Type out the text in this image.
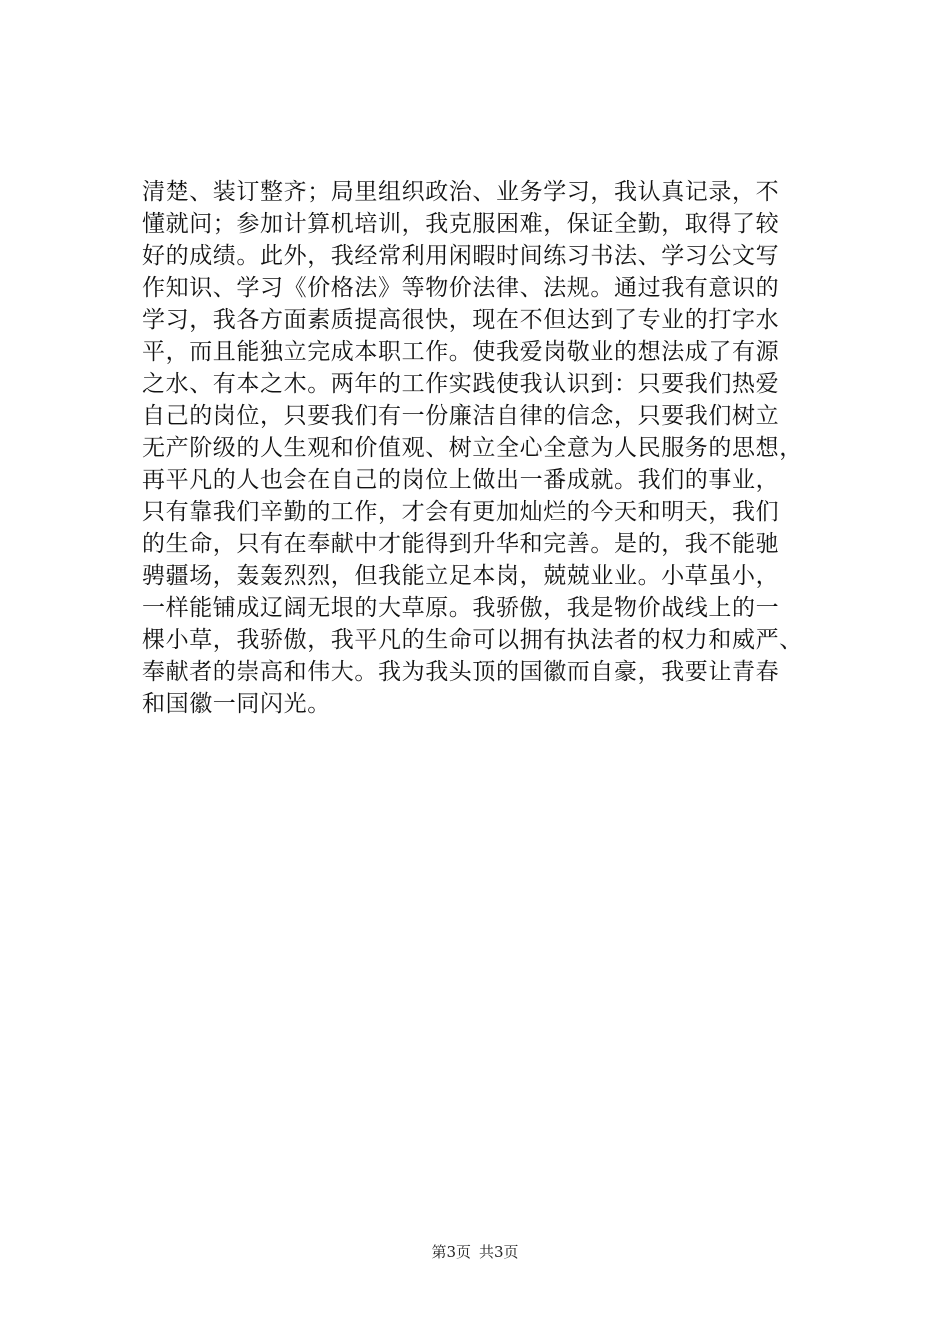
清楚、装订整齐；局里组织政治、业务学习，我认真记录，不
懂就问；参加计算机培训，我克服困难，保证全勤，取得了较
好的成绩。此外，我经常利用闲暇时间练习书法、学习公文写
作知识、学习《价格法》等物价法律、法规。通过我有意识的
学习，我各方面素质提高很快，现在不但达到了专业的打字水
平，而且能独立完成本职工作。使我爱岗敬业的想法成了有源
之水、有本之木。两年的工作实践使我认识到：只要我们热爱
自己的岗位，只要我们有一份廉洁自律的信念，只要我们树立
无产阶级的人生观和价值观、树立全心全意为人民服务的思想，
再平凡的人也会在自己的岗位上做出一番成就。我们的事业，
只有靠我们辛勤的工作，才会有更加灿烂的今天和明天，我们
的生命，只有在奉献中才能得到升华和完善。是的，我不能驰
骋疆场，轰轰烈烈，但我能立足本岗，兢兢业业。小草虽小，
一样能铺成辽阔无垠的大草原。我骄傲，我是物价战线上的一
棵小草，我骄傲，我平凡的生命可以拥有执法者的权力和威严、
奉献者的崇高和伟大。我为我头顶的国徽而自豪，我要让青春
和国徽一同闪光。
第3页 共3页
